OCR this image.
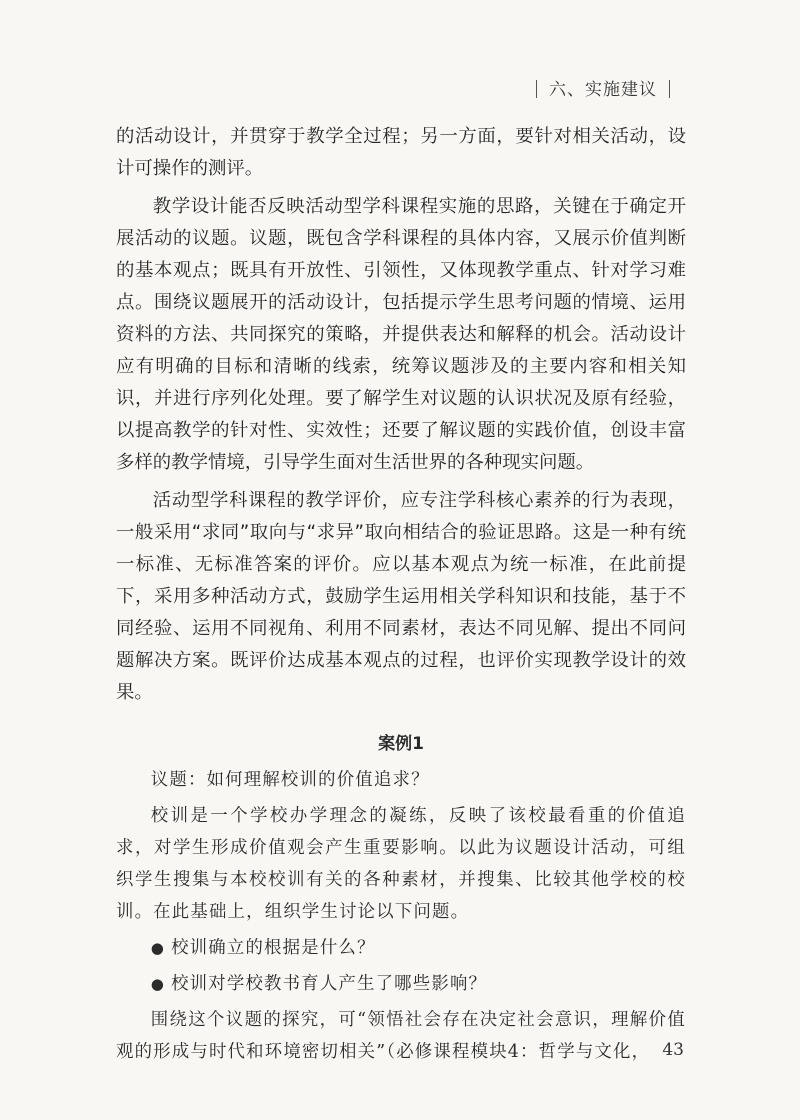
六、实施建议

的活动设计，并贯穿于教学全过程；另一方面，要针对相关活动，设计可操作的测评。

教学设计能否反映活动型学科课程实施的思路，关键在于确定开展活动的议题。议题，既包含学科课程的具体内容，又展示价值判断的基本观点；既具有开放性、引领性，又体现教学重点、针对学习难点。围绕议题展开的活动设计，包括提示学生思考问题的情境、运用资料的方法、共同探究的策略，并提供表达和解释的机会。活动设计应有明确的目标和清晰的线索，统筹议题涉及的主要内容和相关知识，并进行序列化处理。要了解学生对议题的认识状况及原有经验，以提高教学的针对性、实效性；还要了解议题的实践价值，创设丰富多样的教学情境，引导学生面对生活世界的各种现实问题。

活动型学科课程的教学评价，应专注学科核心素养的行为表现，一般采用“求同”取向与“求异”取向相结合的验证思路。这是一种有统一标准、无标准答案的评价。应以基本观点为统一标准，在此前提下，采用多种活动方式，鼓励学生运用相关学科知识和技能，基于不同经验、运用不同视角、利用不同素材，表达不同见解、提出不同问题解决方案。既评价达成基本观点的过程，也评价实现教学设计的效果。

案例1

议题：如何理解校训的价值追求？

校训是一个学校办学理念的凝练，反映了该校最看重的价值追求，对学生形成价值观会产生重要影响。以此为议题设计活动，可组织学生搜集与本校校训有关的各种素材，并搜集、比较其他学校的校训。在此基础上，组织学生讨论以下问题。

● 校训确立的根据是什么？

● 校训对学校教书育人产生了哪些影响？

围绕这个议题的探究，可“领悟社会存在决定社会意识，理解价值观的形成与时代和环境密切相关”（必修课程模块4：哲学与文化， 43
